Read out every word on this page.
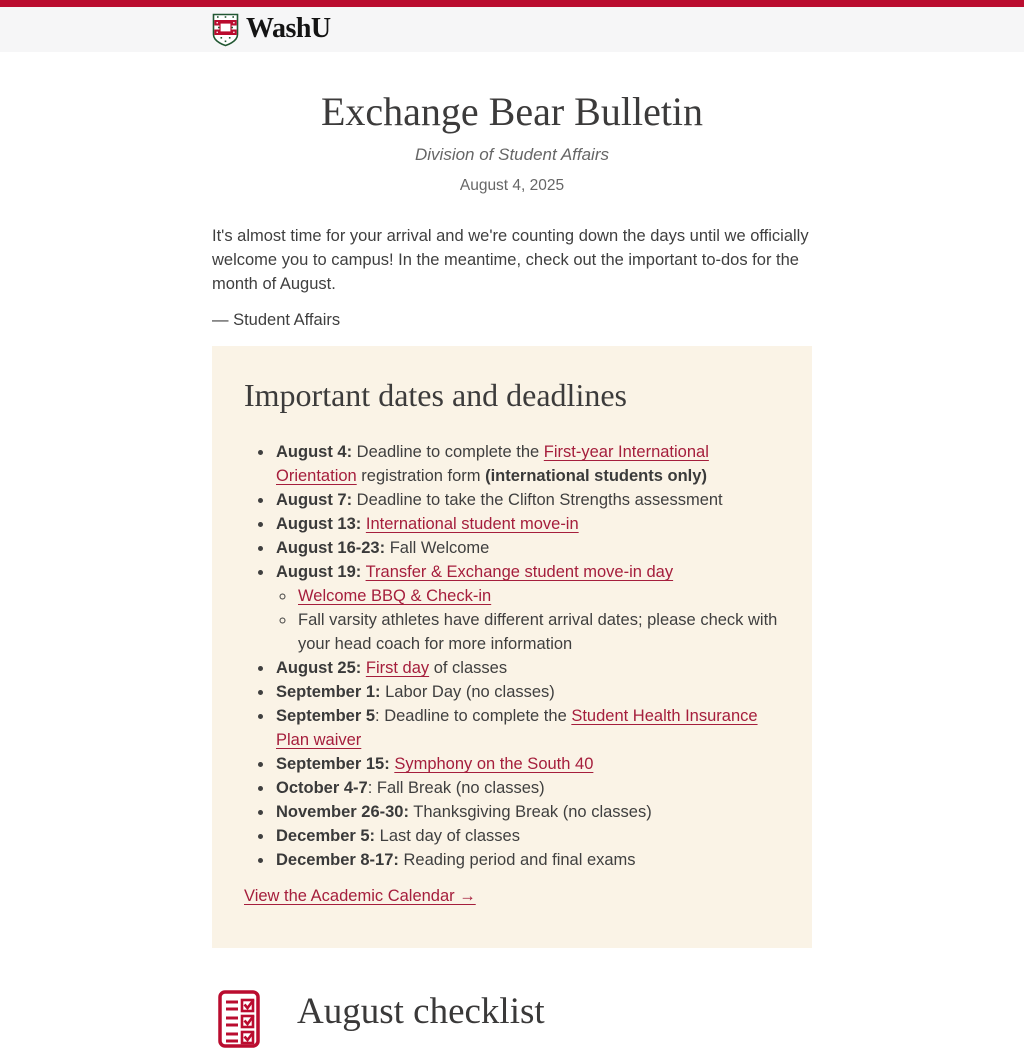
WashU
Exchange Bear Bulletin
Division of Student Affairs
August 4, 2025

It's almost time for your arrival and we're counting down the days until we officially welcome you to campus! In the meantime, check out the important to-dos for the month of August.

— Student Affairs

Important dates and deadlines
• August 4: Deadline to complete the First-year International Orientation registration form (international students only)
• August 7: Deadline to take the Clifton Strengths assessment
• August 13: International student move-in
• August 16-23: Fall Welcome
• August 19: Transfer & Exchange student move-in day
◦ Welcome BBQ & Check-in
◦ Fall varsity athletes have different arrival dates; please check with your head coach for more information
• August 25: First day of classes
• September 1: Labor Day (no classes)
• September 5: Deadline to complete the Student Health Insurance Plan waiver
• September 15: Symphony on the South 40
• October 4-7: Fall Break (no classes)
• November 26-30: Thanksgiving Break (no classes)
• December 5: Last day of classes
• December 8-17: Reading period and final exams
View the Academic Calendar →
August checklist
